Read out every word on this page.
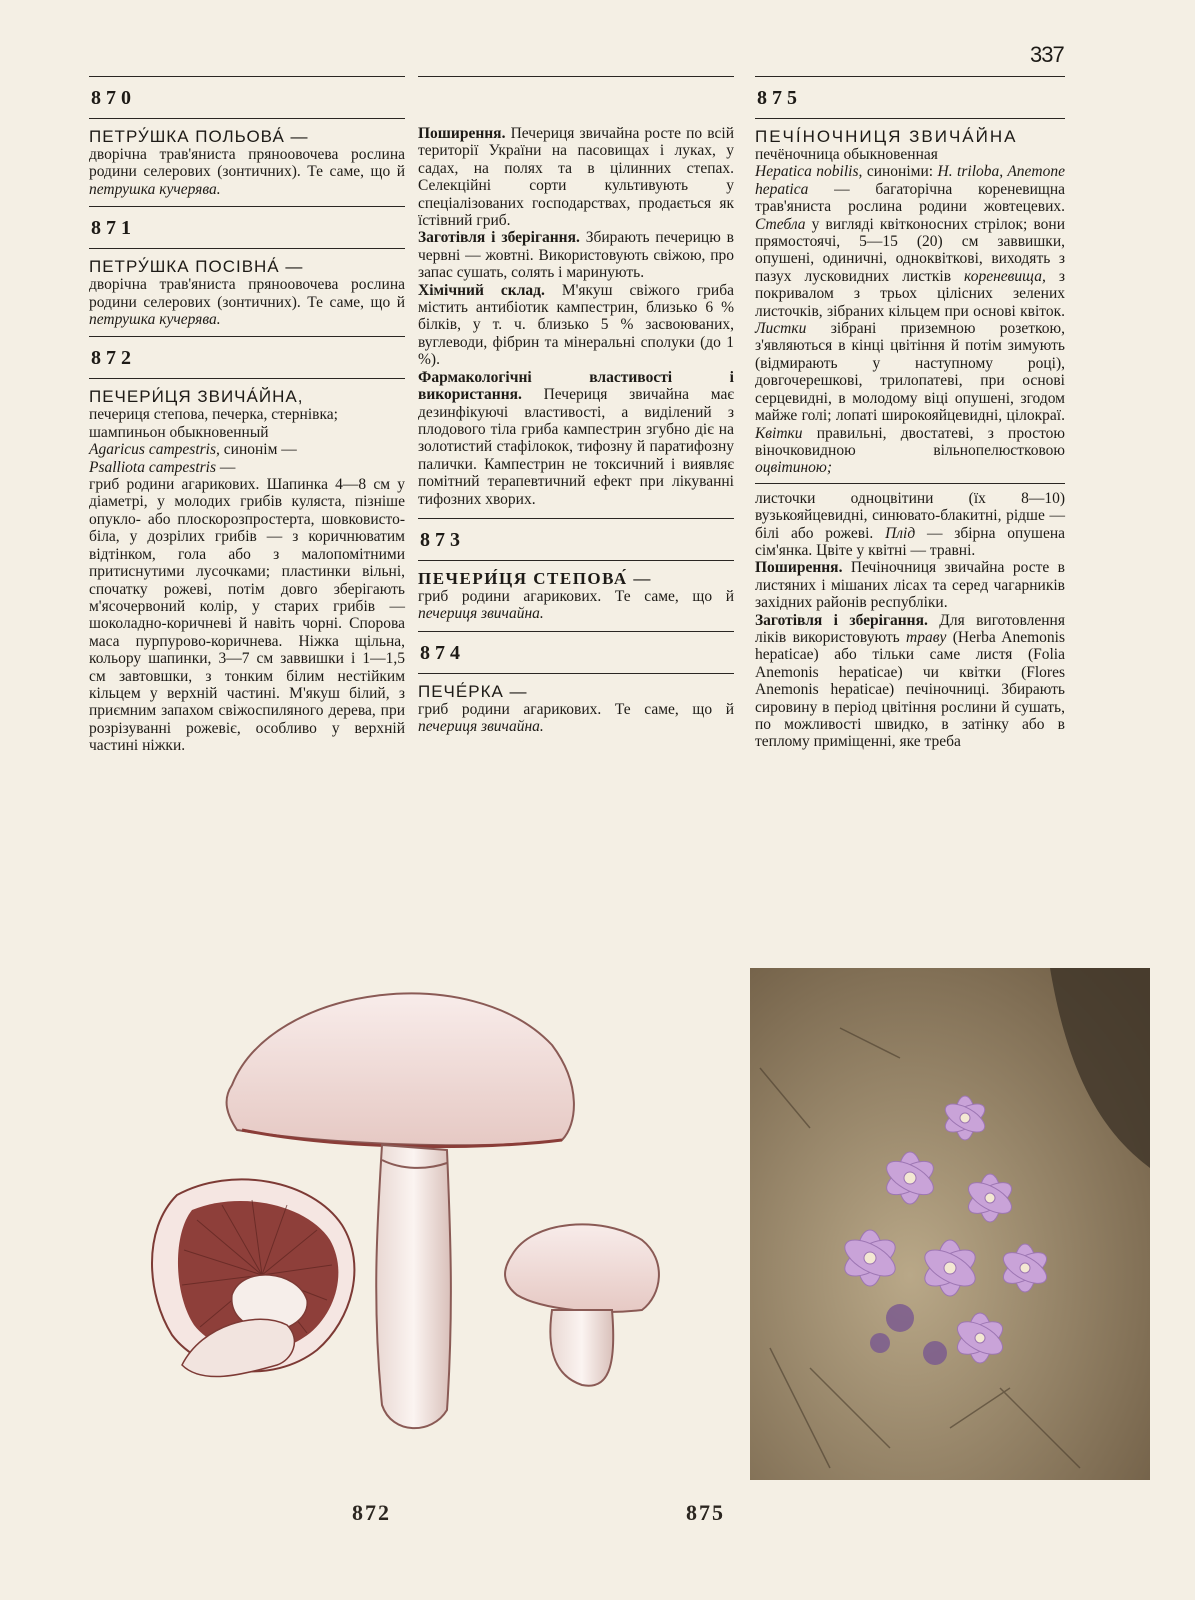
337
870

ПЕТРУ́ШКА ПОЛЬОВА́ —

дворічна трав'яниста пряноовочева рослина родини селерових (зонтичних). Те саме, що й петрушка кучерява.

871

ПЕТРУ́ШКА ПОСІВНА́ —

дворічна трав'яниста пряноовочева рослина родини селерових (зонтичних). Те саме, що й петрушка кучерява.

872

ПЕЧЕРИ́ЦЯ ЗВИЧА́ЙНА,

печериця степова, печерка, стернівка;

шампиньон обыкновенный

Agaricus campestris, синонім —
Psalliota campestris —

гриб родини агарикових. Шапинка 4—8 см у діаметрі, у молодих грибів куляста, пізніше опукло- або плоскорозпростерта, шовковисто-біла, у дозрілих грибів — з коричнюватим відтінком, гола або з малопомітними притиснутими лусочками; пластинки вільні, спочатку рожеві, потім довго зберігають м'ясочервоний колір, у старих грибів — шоколадно-коричневі й навіть чорні. Спорова маса пурпурово-коричнева. Ніжка щільна, кольору шапинки, 3—7 см заввишки і 1—1,5 см завтовшки, з тонким білим нестійким кільцем у верхній частині. М'якуш білий, з приємним запахом свіжоспиляного дерева, при розрізуванні рожевіє, особливо у верхній частині ніжки.

Поширення. Печериця звичайна росте по всій території України на пасовищах і луках, у садах, на полях та в цілинних степах. Селекційні сорти культивують у спеціалізованих господарствах, продається як їстівний гриб.

Заготівля і зберігання. Збирають печерицю в червні — жовтні. Використовують свіжою, про запас сушать, солять і маринують.

Хімічний склад. М'якуш свіжого гриба містить антибіотик кампестрин, близько 6 % білків, у т. ч. близько 5 % засвоюваних, вуглеводи, фібрин та мінеральні сполуки (до 1 %).

Фармакологічні властивості і використання. Печериця звичайна має дезинфікуючі властивості, а виділений з плодового тіла гриба кампестрин згубно діє на золотистий стафілокок, тифозну й паратифозну палички. Кампестрин не токсичний і виявляє помітний терапевтичний ефект при лікуванні тифозних хворих.

873

ПЕЧЕРИ́ЦЯ СТЕПОВА́ —

гриб родини агарикових. Те саме, що й печериця звичайна.

874

ПЕЧЕ́РКА —

гриб родини агарикових. Те саме, що й печериця звичайна.

875

ПЕЧІ́НОЧНИЦЯ ЗВИЧА́ЙНА

печёночница обыкновенная

Hepatica nobilis, синоніми: H. triloba, Anemone hepatica — багаторічна кореневищна трав'яниста рослина родини жовтецевих. Стебла у вигляді квітконосних стрілок; вони прямостоячі, 5—15 (20) см заввишки, опушені, одиничні, одноквіткові, виходять з пазух лусковидних листків кореневища, з покривалом з трьох цілісних зелених листочків, зібраних кільцем при основі квіток. Листки зібрані приземною розеткою, з'являються в кінці цвітіння й потім зимують (відмирають у наступному році), довгочерешкові, трилопатеві, при основі серцевидні, в молодому віці опушені, згодом майже голі; лопаті широкояйцевидні, цілокраї. Квітки правильні, двостатеві, з простою віночковидною вільнопелюстковою оцвітиною;

листочки одноцвітини (їх 8—10) вузькояйцевидні, синювато-блакитні, рідше — білі або рожеві. Плід — збірна опушена сім'янка. Цвіте у квітні — травні.

Поширення. Печіночниця звичайна росте в листяних і мішаних лісах та серед чагарників західних районів республіки.

Заготівля і зберігання. Для виготовлення ліків використовують траву (Herba Anemonis hepaticae) або тільки саме листя (Folia Anemonis hepaticae) чи квітки (Flores Anemonis hepaticae) печіночниці. Збирають сировину в період цвітіння рослини й сушать, по можливості швидко, в затінку або в теплому приміщенні, яке треба

872	875
